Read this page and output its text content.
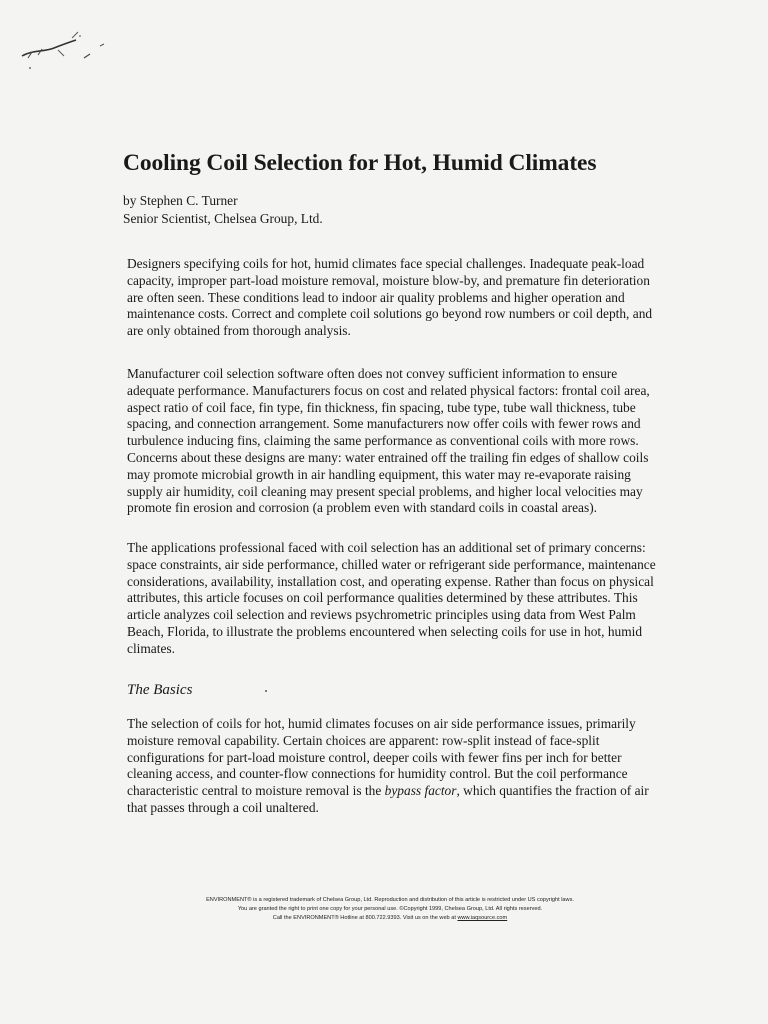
Cooling Coil Selection for Hot, Humid Climates
by Stephen C. Turner
Senior Scientist, Chelsea Group, Ltd.

Designers specifying coils for hot, humid climates face special challenges. Inadequate peak-load capacity, improper part-load moisture removal, moisture blow-by, and premature fin deterioration are often seen. These conditions lead to indoor air quality problems and higher operation and maintenance costs. Correct and complete coil solutions go beyond row numbers or coil depth, and are only obtained from thorough analysis.

Manufacturer coil selection software often does not convey sufficient information to ensure adequate performance. Manufacturers focus on cost and related physical factors: frontal coil area, aspect ratio of coil face, fin type, fin thickness, fin spacing, tube type, tube wall thickness, tube spacing, and connection arrangement. Some manufacturers now offer coils with fewer rows and turbulence inducing fins, claiming the same performance as conventional coils with more rows. Concerns about these designs are many: water entrained off the trailing fin edges of shallow coils may promote microbial growth in air handling equipment, this water may re-evaporate raising supply air humidity, coil cleaning may present special problems, and higher local velocities may promote fin erosion and corrosion (a problem even with standard coils in coastal areas).

The applications professional faced with coil selection has an additional set of primary concerns: space constraints, air side performance, chilled water or refrigerant side performance, maintenance considerations, availability, installation cost, and operating expense. Rather than focus on physical attributes, this article focuses on coil performance qualities determined by these attributes. This article analyzes coil selection and reviews psychrometric principles using data from West Palm Beach, Florida, to illustrate the problems encountered when selecting coils for use in hot, humid climates.

The Basics

The selection of coils for hot, humid climates focuses on air side performance issues, primarily moisture removal capability. Certain choices are apparent: row-split instead of face-split configurations for part-load moisture control, deeper coils with fewer fins per inch for better cleaning access, and counter-flow connections for humidity control. But the coil performance characteristic central to moisture removal is the bypass factor, which quantifies the fraction of air that passes through a coil unaltered.

ENVIRONMENT® is a registered trademark of Chelsea Group, Ltd. Reproduction and distribution of this article is restricted under US copyright laws.
You are granted the right to print one copy for your personal use. ©Copyright 1999, Chelsea Group, Ltd. All rights reserved.
Call the ENVIRONMENT® Hotline at 800.722.9393. Visit us on the web at www.iaqsource.com
